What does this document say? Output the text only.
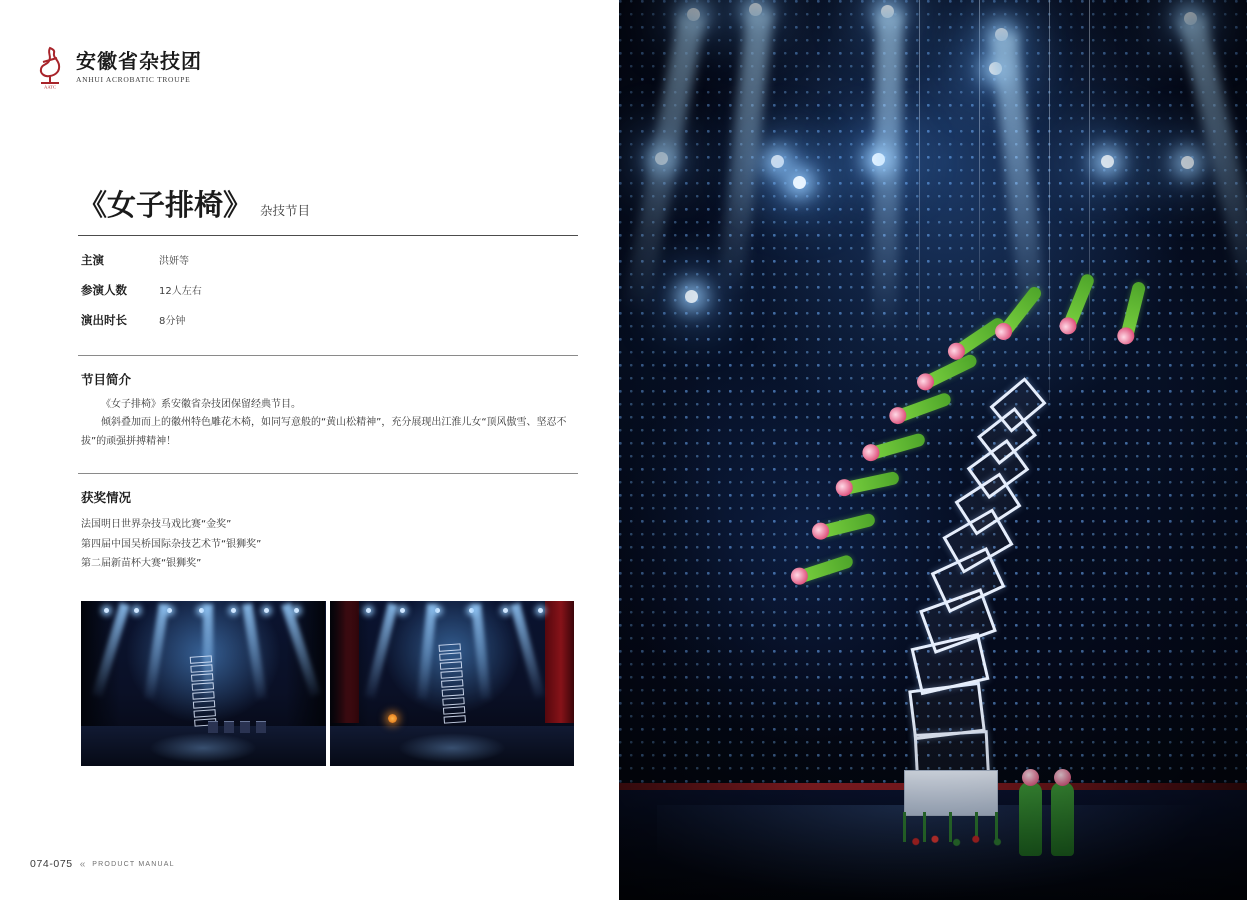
AATC
安徽省杂技团
ANHUI ACROBATIC TROUPE
《女子排椅》 杂技节目
主演	洪妍等
参演人数	12人左右
演出时长	8分钟
节目简介

《女子排椅》系安徽省杂技团保留经典节目。

倾斜叠加而上的徽州特色雕花木椅，如同写意般的“黄山松精神”，充分展现出江淮儿女“顶风傲雪、坚忍不拔”的顽强拼搏精神！

获奖情况
法国明日世界杂技马戏比赛“金奖”
第四届中国吴桥国际杂技艺术节“银狮奖”
第二届新苗杯大赛“银狮奖”
074-075 « PRODUCT MANUAL
